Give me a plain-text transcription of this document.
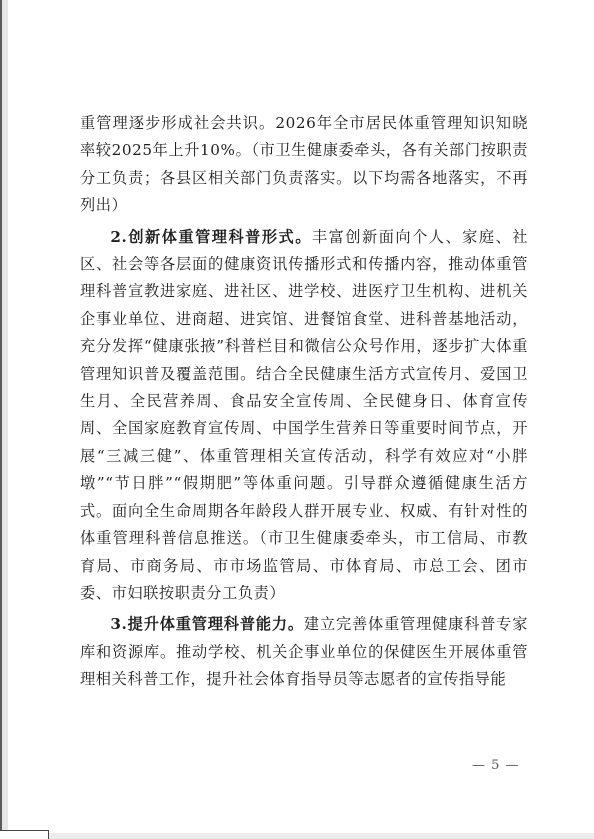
重管理逐步形成社会共识。2026年全市居民体重管理知识知晓率较2025年上升10%。（市卫生健康委牵头，各有关部门按职责分工负责；各县区相关部门负责落实。以下均需各地落实，不再列出）

2.创新体重管理科普形式。丰富创新面向个人、家庭、社区、社会等各层面的健康资讯传播形式和传播内容，推动体重管理科普宣教进家庭、进社区、进学校、进医疗卫生机构、进机关企事业单位、进商超、进宾馆、进餐馆食堂、进科普基地活动，充分发挥“健康张掖”科普栏目和微信公众号作用，逐步扩大体重管理知识普及覆盖范围。结合全民健康生活方式宣传月、爱国卫生月、全民营养周、食品安全宣传周、全民健身日、体育宣传周、全国家庭教育宣传周、中国学生营养日等重要时间节点，开展“三减三健”、体重管理相关宣传活动，科学有效应对“小胖墩”“节日胖”“假期肥”等体重问题。引导群众遵循健康生活方式。面向全生命周期各年龄段人群开展专业、权威、有针对性的体重管理科普信息推送。（市卫生健康委牵头，市工信局、市教育局、市商务局、市市场监管局、市体育局、市总工会、团市委、市妇联按职责分工负责）

3.提升体重管理科普能力。建立完善体重管理健康科普专家库和资源库。推动学校、机关企事业单位的保健医生开展体重管理相关科普工作，提升社会体育指导员等志愿者的宣传指导能

— 5 —
